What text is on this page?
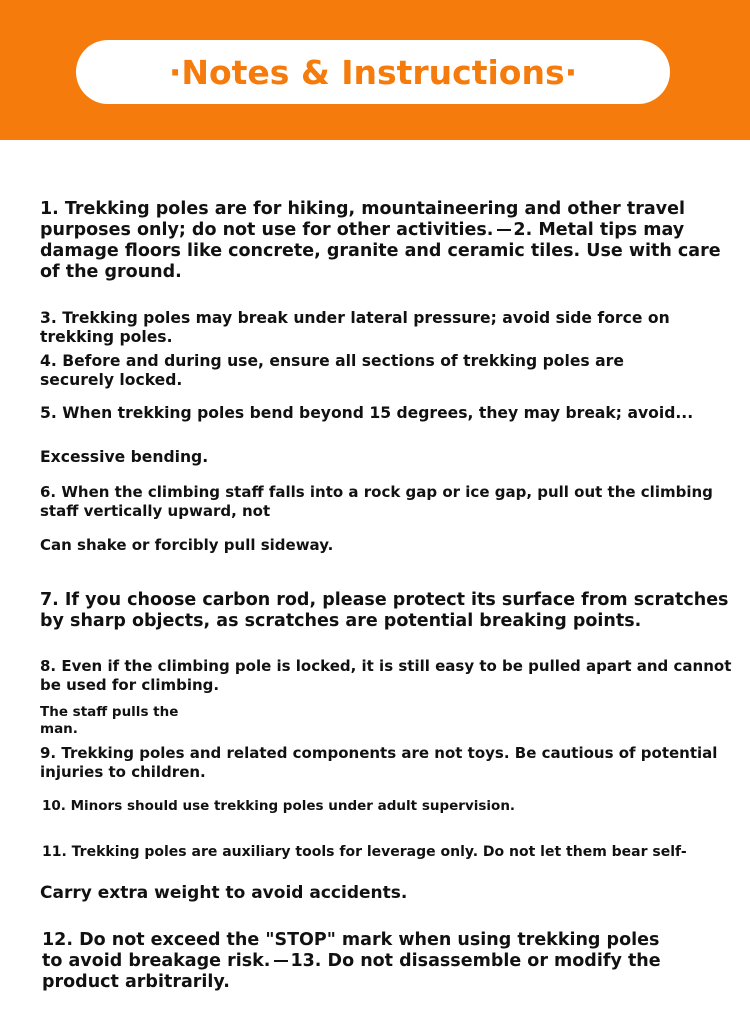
·Notes & Instructions·
1. Trekking poles are for hiking, mountaineering and other travel
purposes only; do not use for other activities. 2. Metal tips may
damage floors like concrete, granite and ceramic tiles. Use with care
of the ground.
3. Trekking poles may break under lateral pressure; avoid side force on
trekking poles.
4. Before and during use, ensure all sections of trekking poles are
securely locked.
5. When trekking poles bend beyond 15 degrees, they may break; avoid...
Excessive bending.
6. When the climbing staff falls into a rock gap or ice gap, pull out the climbing
staff vertically upward, not
Can shake or forcibly pull sideway.
7. If you choose carbon rod, please protect its surface from scratches
by sharp objects, as scratches are potential breaking points.
8. Even if the climbing pole is locked, it is still easy to be pulled apart and cannot
be used for climbing.
The staff pulls the
man.
9. Trekking poles and related components are not toys. Be cautious of potential
injuries to children.
10. Minors should use trekking poles under adult supervision.
11. Trekking poles are auxiliary tools for leverage only. Do not let them bear self-
Carry extra weight to avoid accidents.
12. Do not exceed the "STOP" mark when using trekking poles
to avoid breakage risk. 13. Do not disassemble or modify the
product arbitrarily.
